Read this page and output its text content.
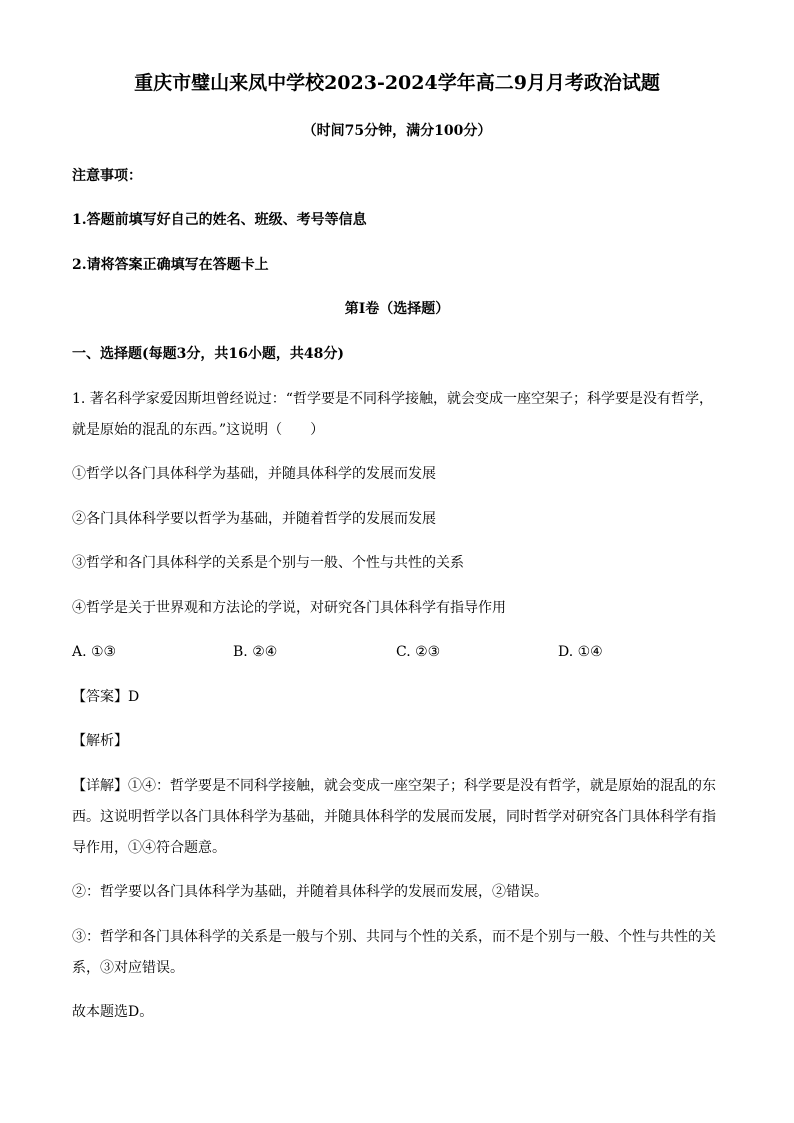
重庆市璧山来凤中学校2023-2024学年高二9月月考政治试题
（时间75分钟，满分100分）
注意事项：
1.答题前填写好自己的姓名、班级、考号等信息
2.请将答案正确填写在答题卡上
第I卷（选择题）
一、选择题(每题3分，共16小题，共48分)
1. 著名科学家爱因斯坦曾经说过：“哲学要是不同科学接触，就会变成一座空架子；科学要是没有哲学，
就是原始的混乱的东西。”这说明（　　）
①哲学以各门具体科学为基础，并随具体科学的发展而发展
②各门具体科学要以哲学为基础，并随着哲学的发展而发展
③哲学和各门具体科学的关系是个别与一般、个性与共性的关系
④哲学是关于世界观和方法论的学说，对研究各门具体科学有指导作用
A. ①③	B. ②④	C. ②③	D. ①④
【答案】D
【解析】
【详解】①④：哲学要是不同科学接触，就会变成一座空架子；科学要是没有哲学，就是原始的混乱的东
西。这说明哲学以各门具体科学为基础，并随具体科学的发展而发展，同时哲学对研究各门具体科学有指
导作用，①④符合题意。
②：哲学要以各门具体科学为基础，并随着具体科学的发展而发展，②错误。
③：哲学和各门具体科学的关系是一般与个别、共同与个性的关系，而不是个别与一般、个性与共性的关
系，③对应错误。
故本题选D。
